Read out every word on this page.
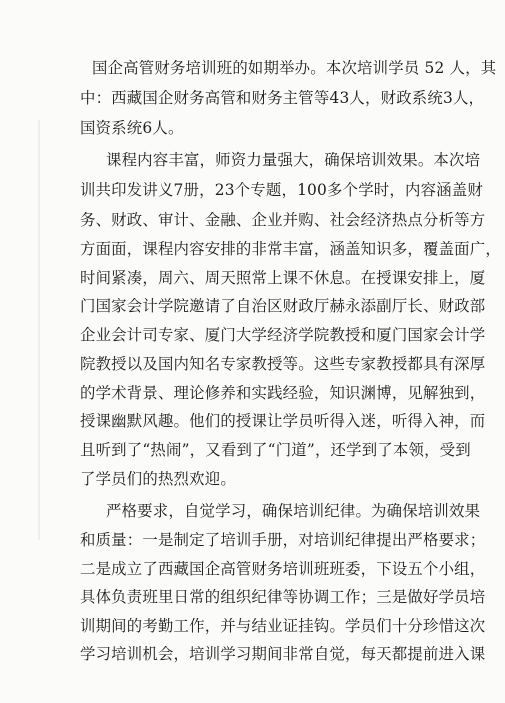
国企高管财务培训班的如期举办。本次培训学员 52 人，其
中：西藏国企财务高管和财务主管等43人，财政系统3人，
国资系统6人。
课程内容丰富，师资力量强大，确保培训效果。本次培
训共印发讲义7册，23个专题，100多个学时，内容涵盖财
务、财政、审计、金融、企业并购、社会经济热点分析等方
方面面，课程内容安排的非常丰富，涵盖知识多，覆盖面广，
时间紧凑，周六、周天照常上课不休息。在授课安排上，厦
门国家会计学院邀请了自治区财政厅赫永添副厅长、财政部
企业会计司专家、厦门大学经济学院教授和厦门国家会计学
院教授以及国内知名专家教授等。这些专家教授都具有深厚
的学术背景、理论修养和实践经验，知识渊博，见解独到，
授课幽默风趣。他们的授课让学员听得入迷，听得入神，而
且听到了“热闹”，又看到了“门道”，还学到了本领，受到
了学员们的热烈欢迎。
严格要求，自觉学习，确保培训纪律。为确保培训效果
和质量：一是制定了培训手册，对培训纪律提出严格要求；
二是成立了西藏国企高管财务培训班班委，下设五个小组，
具体负责班里日常的组织纪律等协调工作；三是做好学员培
训期间的考勤工作，并与结业证挂钩。学员们十分珍惜这次
学习培训机会，培训学习期间非常自觉，每天都提前进入课
